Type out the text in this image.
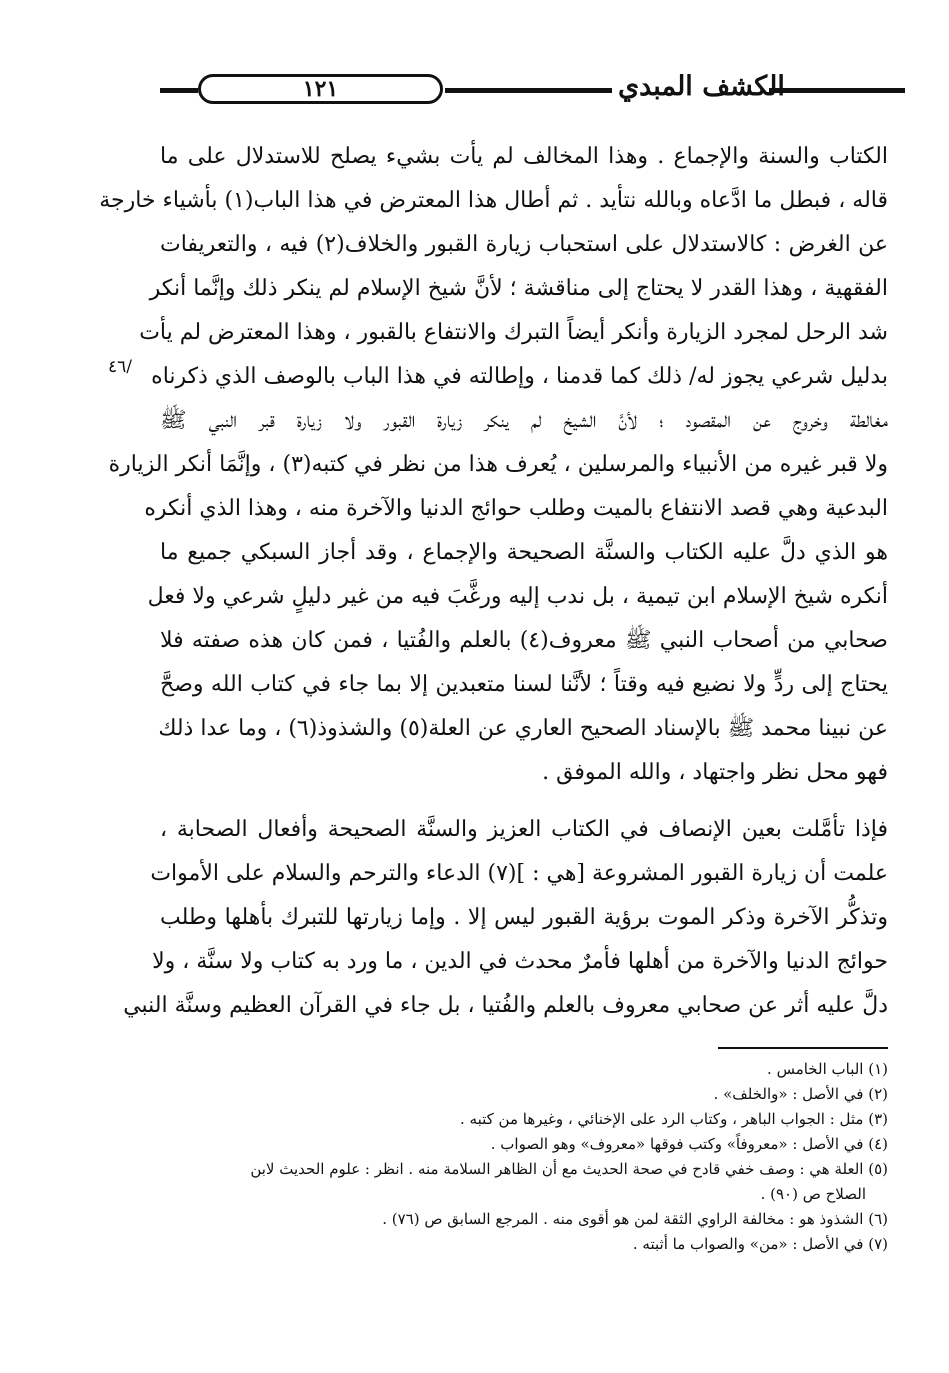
الكشف المبدي
١٢١
٤٦/
الكتاب والسنة والإجماع . وهذا المخالف لم يأت بشيء يصلح للاستدلال على ما
قاله ، فبطل ما ادَّعاه وبالله نتأيد . ثم أطال هذا المعترض في هذا الباب(١) بأشياء خارجة
عن الغرض : كالاستدلال على استحباب زيارة القبور والخلاف(٢) فيه ، والتعريفات
الفقهية ، وهذا القدر لا يحتاج إلى مناقشة ؛ لأنَّ شيخ الإسلام لم ينكر ذلك وإنَّما أنكر
شد الرحل لمجرد الزيارة وأنكر أيضاً التبرك والانتفاع بالقبور ، وهذا المعترض لم يأت
بدليل شرعي يجوز له/ ذلك كما قدمنا ، وإطالته في هذا الباب بالوصف الذي ذكرناه
مغالطة وخروج عن المقصود ؛ لأنَّ الشيخ لم ينكر زيارة القبور ولا زيارة قبر النبي ﷺ
ولا قبر غيره من الأنبياء والمرسلين ، يُعرف هذا من نظر في كتبه(٣) ، وإنَّمَا أنكر الزيارة
البدعية وهي قصد الانتفاع بالميت وطلب حوائج الدنيا والآخرة منه ، وهذا الذي أنكره
هو الذي دلَّ عليه الكتاب والسنَّة الصحيحة والإجماع ، وقد أجاز السبكي جميع ما
أنكره شيخ الإسلام ابن تيمية ، بل ندب إليه ورغَّبَ فيه من غير دليلٍ شرعي ولا فعل
صحابي من أصحاب النبي ﷺ معروف(٤) بالعلم والفُتيا ، فمن كان هذه صفته فلا
يحتاج إلى ردٍّ ولا نضيع فيه وقتاً ؛ لأنَّنا لسنا متعبدين إلا بما جاء في كتاب الله وصحَّ
عن نبينا محمد ﷺ بالإسناد الصحيح العاري عن العلة(٥) والشذوذ(٦) ، وما عدا ذلك
فهو محل نظر واجتهاد ، والله الموفق .
فإذا تأمَّلت بعين الإنصاف في الكتاب العزيز والسنَّة الصحيحة وأفعال الصحابة ،
علمت أن زيارة القبور المشروعة [هي : ](٧) الدعاء والترحم والسلام على الأموات
وتذكُّر الآخرة وذكر الموت برؤية القبور ليس إلا . وإما زيارتها للتبرك بأهلها وطلب
حوائج الدنيا والآخرة من أهلها فأمرٌ محدث في الدين ، ما ورد به كتاب ولا سنَّة ، ولا
دلَّ عليه أثر عن صحابي معروف بالعلم والفُتيا ، بل جاء في القرآن العظيم وسنَّة النبي
(١) الباب الخامس .
(٢) في الأصل : «والخلف» .
(٣) مثل : الجواب الباهر ، وكتاب الرد على الإخنائي ، وغيرها من كتبه .
(٤) في الأصل : «معروفاً» وكتب فوقها «معروف» وهو الصواب .
(٥) العلة هي : وصف خفي قادح في صحة الحديث مع أن الظاهر السلامة منه . انظر : علوم الحديث لابن
الصلاح ص (٩٠) .
(٦) الشذوذ هو : مخالفة الراوي الثقة لمن هو أقوى منه . المرجع السابق ص (٧٦) .
(٧) في الأصل : «من» والصواب ما أثبته .
